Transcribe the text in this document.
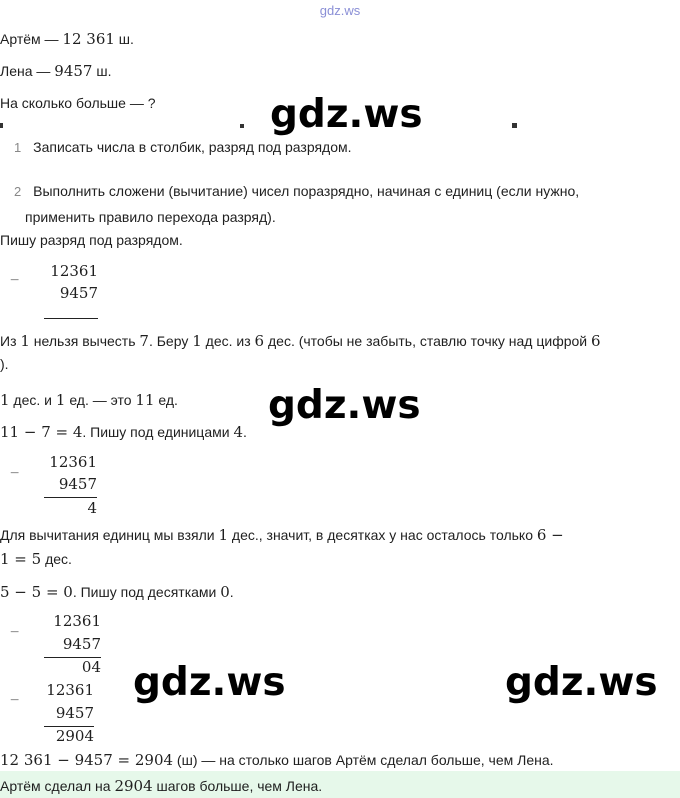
gdz.ws
Артём — 12 361 ш.
Лена — 9457 ш.
На сколько больше — ?	gdz.ws
1 Записать числа в столбик, разряд под разрядом.
2 Выполнить сложени (вычитание) чисел поразрядно, начиная с единиц (если нужно,
применить правило перехода разряд).
Пишу разряд под разрядом.
−
12361
9457
Из 1 нельзя вычесть 7. Беру 1 дес. из 6 дес. (чтобы не забыть, ставлю точку над цифрой 6
).
1 дес. и 1 ед. — это 11 ед. gdz.ws
11 − 7 = 4. Пишу под единицами 4.
−
12361
9457
4
Для вычитания единиц мы взяли 1 дес., значит, в десятках у нас осталось только 6 −
1 = 5 дес.
5 − 5 = 0. Пишу под десятками 0.
−
12361
9457
04
−
12361
9457
2904
gdz.ws	gdz.ws
12 361 − 9457 = 2904 (ш) — на столько шагов Артём сделал больше, чем Лена.
Артём сделал на 2904 шагов больше, чем Лена.
